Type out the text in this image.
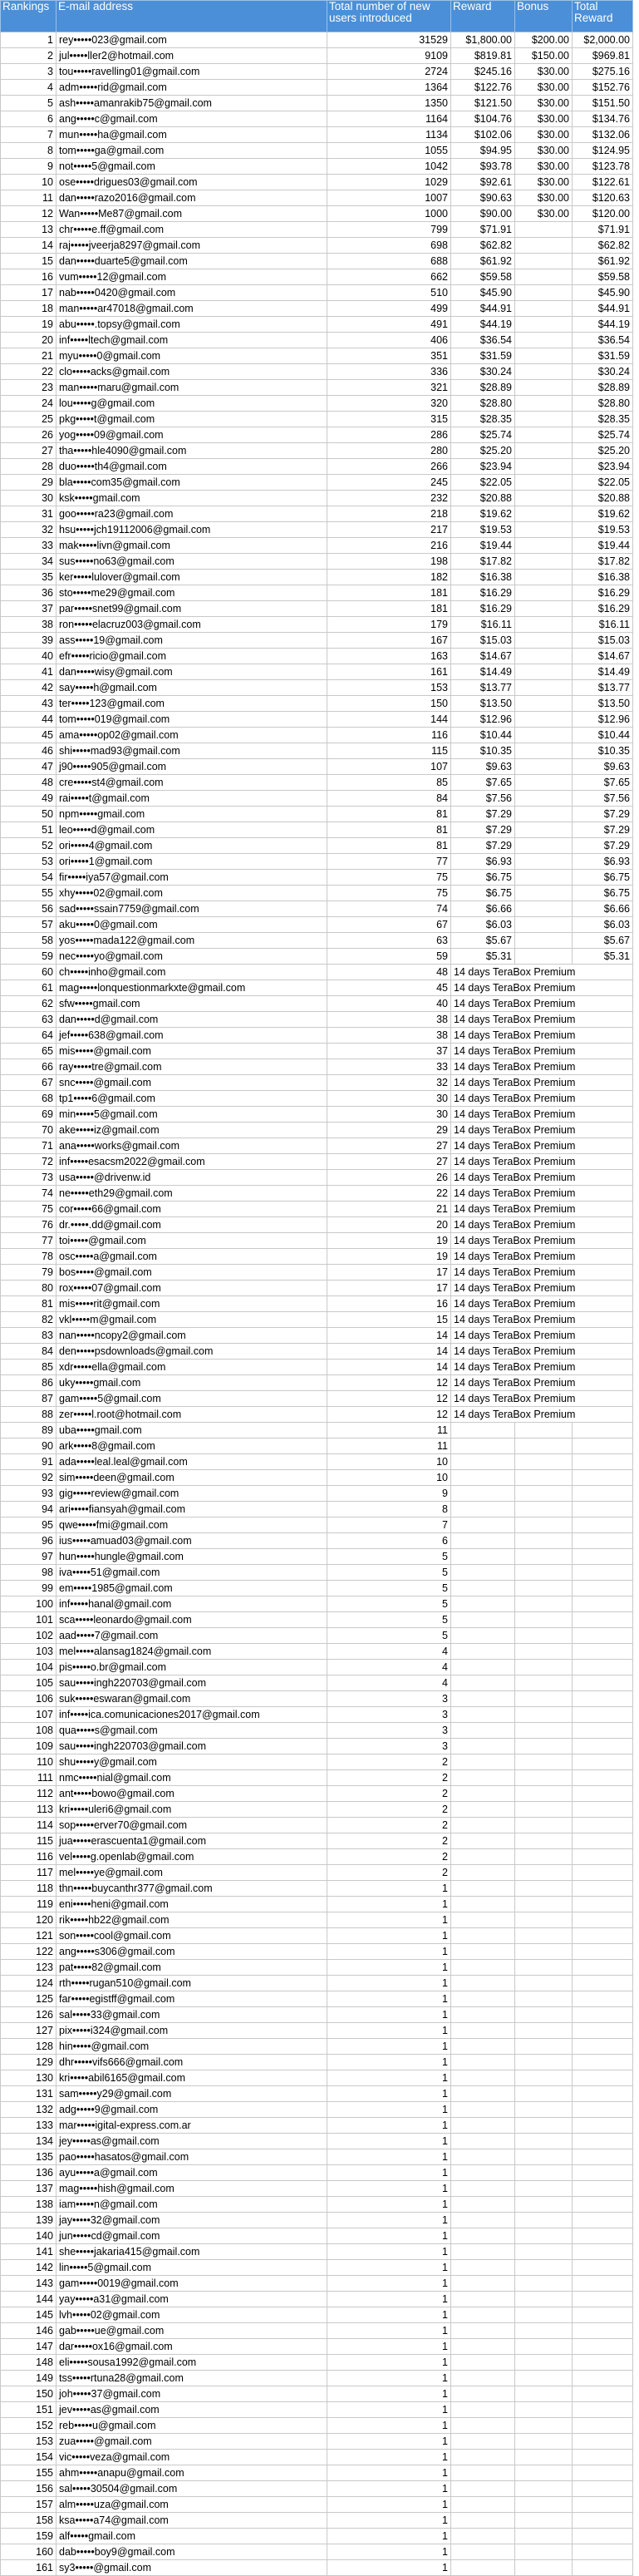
Rankings	E-mail address	Total number of new users introduced	Reward	Bonus	Total Reward
1	rey•••••023@gmail.com	31529	$1,800.00	$200.00	$2,000.00
2	jul•••••ller2@hotmail.com	9109	$819.81	$150.00	$969.81
3	tou•••••ravelling01@gmail.com	2724	$245.16	$30.00	$275.16
4	adm•••••rid@gmail.com	1364	$122.76	$30.00	$152.76
5	ash•••••amanrakib75@gmail.com	1350	$121.50	$30.00	$151.50
6	ang•••••c@gmail.com	1164	$104.76	$30.00	$134.76
7	mun•••••ha@gmail.com	1134	$102.06	$30.00	$132.06
8	tom•••••ga@gmail.com	1055	$94.95	$30.00	$124.95
9	not•••••5@gmail.com	1042	$93.78	$30.00	$123.78
10	ose•••••drigues03@gmail.com	1029	$92.61	$30.00	$122.61
11	dan•••••razo2016@gmail.com	1007	$90.63	$30.00	$120.63
12	Wan•••••Me87@gmail.com	1000	$90.00	$30.00	$120.00
13	chr•••••e.ff@gmail.com	799	$71.91		$71.91
14	raj•••••jveerja8297@gmail.com	698	$62.82		$62.82
15	dan•••••duarte5@gmail.com	688	$61.92		$61.92
16	vum•••••12@gmail.com	662	$59.58		$59.58
17	nab•••••0420@gmail.com	510	$45.90		$45.90
18	man•••••ar47018@gmail.com	499	$44.91		$44.91
19	abu•••••.topsy@gmail.com	491	$44.19		$44.19
20	inf•••••ltech@gmail.com	406	$36.54		$36.54
21	myu•••••0@gmail.com	351	$31.59		$31.59
22	clo•••••acks@gmail.com	336	$30.24		$30.24
23	man•••••maru@gmail.com	321	$28.89		$28.89
24	lou•••••g@gmail.com	320	$28.80		$28.80
25	pkg•••••t@gmail.com	315	$28.35		$28.35
26	yog•••••09@gmail.com	286	$25.74		$25.74
27	tha•••••hle4090@gmail.com	280	$25.20		$25.20
28	duo•••••th4@gmail.com	266	$23.94		$23.94
29	bla•••••com35@gmail.com	245	$22.05		$22.05
30	ksk•••••gmail.com	232	$20.88		$20.88
31	goo•••••ra23@gmail.com	218	$19.62		$19.62
32	hsu•••••jch19112006@gmail.com	217	$19.53		$19.53
33	mak•••••livn@gmail.com	216	$19.44		$19.44
34	sus•••••no63@gmail.com	198	$17.82		$17.82
35	ker•••••lulover@gmail.com	182	$16.38		$16.38
36	sto•••••me29@gmail.com	181	$16.29		$16.29
37	par•••••snet99@gmail.com	181	$16.29		$16.29
38	ron•••••elacruz003@gmail.com	179	$16.11		$16.11
39	ass•••••19@gmail.com	167	$15.03		$15.03
40	efr•••••ricio@gmail.com	163	$14.67		$14.67
41	dan•••••wisy@gmail.com	161	$14.49		$14.49
42	say•••••h@gmail.com	153	$13.77		$13.77
43	ter•••••123@gmail.com	150	$13.50		$13.50
44	tom•••••019@gmail.com	144	$12.96		$12.96
45	ama•••••op02@gmail.com	116	$10.44		$10.44
46	shi•••••mad93@gmail.com	115	$10.35		$10.35
47	j90•••••905@gmail.com	107	$9.63		$9.63
48	cre•••••st4@gmail.com	85	$7.65		$7.65
49	rai•••••t@gmail.com	84	$7.56		$7.56
50	npm•••••gmail.com	81	$7.29		$7.29
51	leo•••••d@gmail.com	81	$7.29		$7.29
52	ori•••••4@gmail.com	81	$7.29		$7.29
53	ori•••••1@gmail.com	77	$6.93		$6.93
54	fir•••••iya57@gmail.com	75	$6.75		$6.75
55	xhy•••••02@gmail.com	75	$6.75		$6.75
56	sad•••••ssain7759@gmail.com	74	$6.66		$6.66
57	aku•••••0@gmail.com	67	$6.03		$6.03
58	yos•••••mada122@gmail.com	63	$5.67		$5.67
59	nec•••••yo@gmail.com	59	$5.31		$5.31
60	ch•••••inho@gmail.com	48	14 days TeraBox Premium		
61	mag•••••lonquestionmarkxte@gmail.com	45	14 days TeraBox Premium		
62	sfw•••••gmail.com	40	14 days TeraBox Premium		
63	dan•••••d@gmail.com	38	14 days TeraBox Premium		
64	jef•••••638@gmail.com	38	14 days TeraBox Premium		
65	mis•••••@gmail.com	37	14 days TeraBox Premium		
66	ray•••••tre@gmail.com	33	14 days TeraBox Premium		
67	snc•••••@gmail.com	32	14 days TeraBox Premium		
68	tp1•••••6@gmail.com	30	14 days TeraBox Premium		
69	min•••••5@gmail.com	30	14 days TeraBox Premium		
70	ake•••••iz@gmail.com	29	14 days TeraBox Premium		
71	ana•••••works@gmail.com	27	14 days TeraBox Premium		
72	inf•••••esacsm2022@gmail.com	27	14 days TeraBox Premium		
73	usa•••••@drivenw.id	26	14 days TeraBox Premium		
74	ne•••••eth29@gmail.com	22	14 days TeraBox Premium		
75	cor•••••66@gmail.com	21	14 days TeraBox Premium		
76	dr.•••••.dd@gmail.com	20	14 days TeraBox Premium		
77	toi•••••@gmail.com	19	14 days TeraBox Premium		
78	osc•••••a@gmail.com	19	14 days TeraBox Premium		
79	bos•••••@gmail.com	17	14 days TeraBox Premium		
80	rox•••••07@gmail.com	17	14 days TeraBox Premium		
81	mis•••••rit@gmail.com	16	14 days TeraBox Premium		
82	vkl•••••m@gmail.com	15	14 days TeraBox Premium		
83	nan•••••ncopy2@gmail.com	14	14 days TeraBox Premium		
84	den•••••psdownloads@gmail.com	14	14 days TeraBox Premium		
85	xdr•••••ella@gmail.com	14	14 days TeraBox Premium		
86	uky•••••gmail.com	12	14 days TeraBox Premium		
87	gam•••••5@gmail.com	12	14 days TeraBox Premium		
88	zer•••••l.root@hotmail.com	12	14 days TeraBox Premium		
89	uba•••••gmail.com	11			
90	ark•••••8@gmail.com	11			
91	ada•••••leal.leal@gmail.com	10			
92	sim•••••deen@gmail.com	10			
93	gig•••••review@gmail.com	9			
94	ari•••••fiansyah@gmail.com	8			
95	qwe•••••fmi@gmail.com	7			
96	ius•••••amuad03@gmail.com	6			
97	hun•••••hungle@gmail.com	5			
98	iva•••••51@gmail.com	5			
99	em•••••1985@gmail.com	5			
100	inf•••••hanal@gmail.com	5			
101	sca•••••leonardo@gmail.com	5			
102	aad•••••7@gmail.com	5			
103	mel•••••alansag1824@gmail.com	4			
104	pis•••••o.br@gmail.com	4			
105	sau•••••ingh220703@gmail.com	4			
106	suk•••••eswaran@gmail.com	3			
107	inf•••••ica.comunicaciones2017@gmail.com	3			
108	qua•••••s@gmail.com	3			
109	sau•••••ingh220703@gmail.com	3			
110	shu•••••y@gmail.com	2			
111	nmc•••••nial@gmail.com	2			
112	ant•••••bowo@gmail.com	2			
113	kri•••••uleri6@gmail.com	2			
114	sop•••••erver70@gmail.com	2			
115	jua•••••erascuenta1@gmail.com	2			
116	vel•••••g.openlab@gmail.com	2			
117	mel•••••ye@gmail.com	2			
118	thn•••••buycanthr377@gmail.com	1			
119	eni•••••heni@gmail.com	1			
120	rik•••••hb22@gmail.com	1			
121	son•••••cool@gmail.com	1			
122	ang•••••s306@gmail.com	1			
123	pat•••••82@gmail.com	1			
124	rth•••••rugan510@gmail.com	1			
125	far•••••egistff@gmail.com	1			
126	sal•••••33@gmail.com	1			
127	pix•••••i324@gmail.com	1			
128	hin•••••@gmail.com	1			
129	dhr•••••vifs666@gmail.com	1			
130	kri•••••abil6165@gmail.com	1			
131	sam•••••y29@gmail.com	1			
132	adg•••••9@gmail.com	1			
133	mar•••••igital-express.com.ar	1			
134	jey•••••as@gmail.com	1			
135	pao•••••hasatos@gmail.com	1			
136	ayu•••••a@gmail.com	1			
137	mag•••••hish@gmail.com	1			
138	iam•••••n@gmail.com	1			
139	jay•••••32@gmail.com	1			
140	jun•••••cd@gmail.com	1			
141	she•••••jakaria415@gmail.com	1			
142	lin•••••5@gmail.com	1			
143	gam•••••0019@gmail.com	1			
144	yay•••••a31@gmail.com	1			
145	lvh•••••02@gmail.com	1			
146	gab•••••ue@gmail.com	1			
147	dar•••••ox16@gmail.com	1			
148	eli•••••sousa1992@gmail.com	1			
149	tss•••••rtuna28@gmail.com	1			
150	joh•••••37@gmail.com	1			
151	jev•••••as@gmail.com	1			
152	reb•••••u@gmail.com	1			
153	zua•••••@gmail.com	1			
154	vic•••••veza@gmail.com	1			
155	ahm•••••anapu@gmail.com	1			
156	sal•••••30504@gmail.com	1			
157	alm•••••uza@gmail.com	1			
158	ksa•••••a74@gmail.com	1			
159	alf•••••gmail.com	1			
160	dab•••••boy9@gmail.com	1			
161	sy3•••••@gmail.com	1			
